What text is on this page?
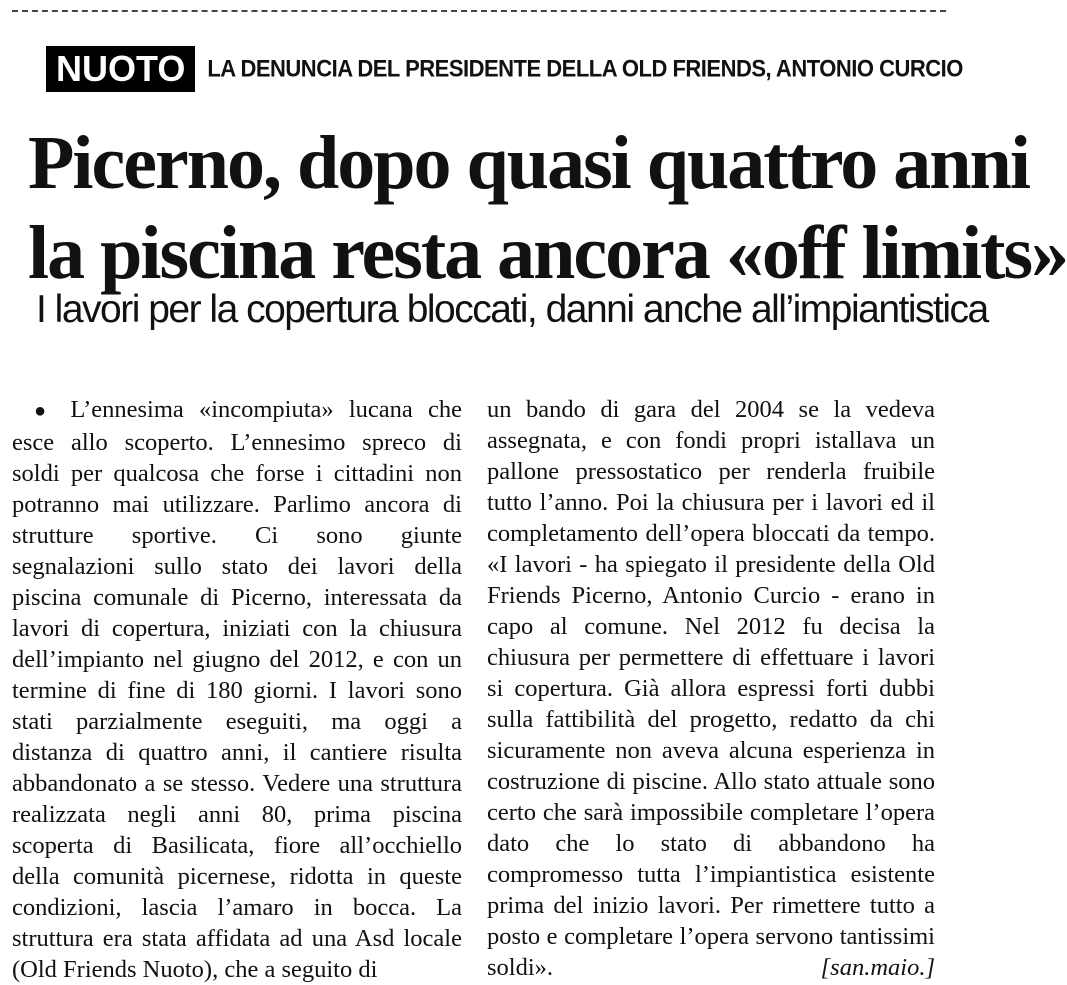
NUOTO	LA DENUNCIA DEL PRESIDENTE DELLA OLD FRIENDS, ANTONIO CURCIO
Picerno, dopo quasi quattro anni
la piscina resta ancora «off limits»
I lavori per la copertura bloccati, danni anche all’impiantistica
● L’ennesima «incompiuta» lucana che esce allo scoperto. L’ennesimo spreco di soldi per qualcosa che forse i cittadini non potranno mai utilizzare. Parlimo ancora di strutture sportive. Ci sono giunte segnalazioni sullo stato dei lavori della piscina comunale di Picerno, interessata da lavori di copertura, iniziati con la chiusura dell’impianto nel giugno del 2012, e con un termine di fine di 180 giorni. I lavori sono stati parzialmente eseguiti, ma oggi a distanza di quattro anni, il cantiere risulta abbandonato a se stesso. Vedere una struttura realizzata negli anni 80, prima piscina scoperta di Basilicata, fiore all’occhiello della comunità picernese, ridotta in queste condizioni, lascia l’amaro in bocca. La struttura era stata affidata ad una Asd locale (Old Friends Nuoto), che a seguito di
un bando di gara del 2004 se la vedeva assegnata, e con fondi propri istallava un pallone pressostatico per renderla fruibile tutto l’anno. Poi la chiusura per i lavori ed il completamento dell’opera bloccati da tempo. «I lavori - ha spiegato il presidente della Old Friends Picerno, Antonio Curcio - erano in capo al comune. Nel 2012 fu decisa la chiusura per permettere di effettuare i lavori si copertura. Già allora espressi forti dubbi sulla fattibilità del progetto, redatto da chi sicuramente non aveva alcuna esperienza in costruzione di piscine. Allo stato attuale sono certo che sarà impossibile completare l’opera dato che lo stato di abbandono ha compromesso tutta l’impiantistica esistente prima del inizio lavori. Per rimettere tutto a posto e completare l’opera servono tantissimi soldi».	[san.maio.]
